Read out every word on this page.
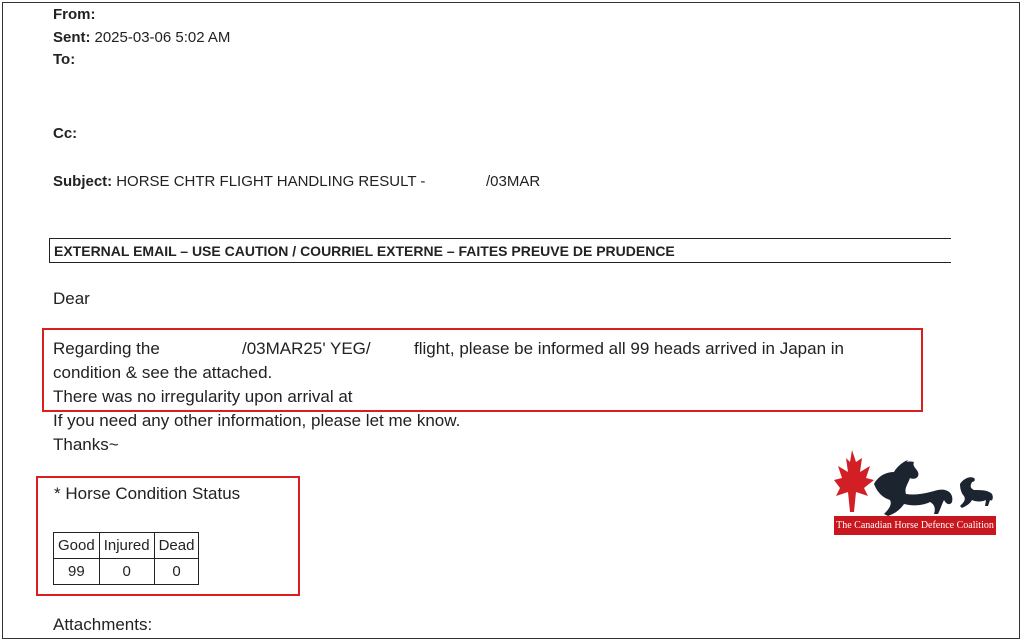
From:
Sent: 2025-03-06 5:02 AM
To:
Cc:
Subject: HORSE CHTR FLIGHT HANDLING RESULT -	/03MAR
EXTERNAL EMAIL – USE CAUTION / COURRIEL EXTERNE – FAITES PREUVE DE PRUDENCE
Dear
Regarding the	/03MAR25' YEG/	flight, please be informed all 99 heads arrived in Japan in
condition & see the attached.
There was no irregularity upon arrival at
If you need any other information, please let me know.
Thanks~
* Horse Condition Status
Good	Injured	Dead
99	0	0
Attachments:
The Canadian Horse Defence Coalition
